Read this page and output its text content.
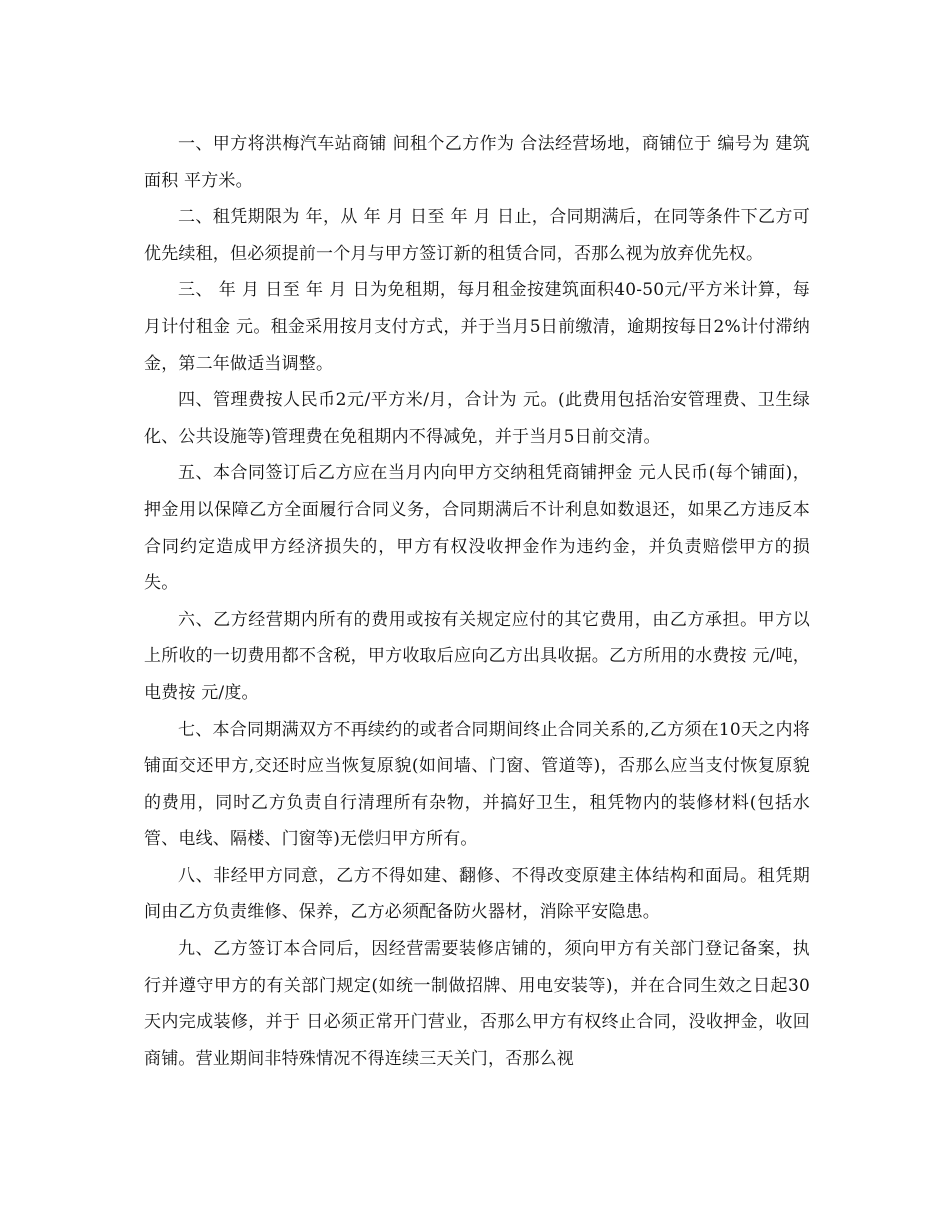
一、甲方将洪梅汽车站商铺 间租个乙方作为 合法经营场地，商铺位于 编号为 建筑面积 平方米。

二、租凭期限为 年，从 年 月 日至 年 月 日止，合同期满后，在同等条件下乙方可优先续租，但必须提前一个月与甲方签订新的租赁合同，否那么视为放弃优先权。

三、 年 月 日至 年 月 日为免租期，每月租金按建筑面积40-50元/平方米计算，每月计付租金 元。租金采用按月支付方式，并于当月5日前缴清，逾期按每日2%计付滞纳金，第二年做适当调整。

四、管理费按人民币2元/平方米/月，合计为 元。(此费用包括治安管理费、卫生绿化、公共设施等)管理费在免租期内不得减免，并于当月5日前交清。

五、本合同签订后乙方应在当月内向甲方交纳租凭商铺押金 元人民币(每个铺面)，押金用以保障乙方全面履行合同义务，合同期满后不计利息如数退还，如果乙方违反本合同约定造成甲方经济损失的，甲方有权没收押金作为违约金，并负责赔偿甲方的损失。

六、乙方经营期内所有的费用或按有关规定应付的其它费用，由乙方承担。甲方以上所收的一切费用都不含税，甲方收取后应向乙方出具收据。乙方所用的水费按 元/吨，电费按 元/度。

七、本合同期满双方不再续约的或者合同期间终止合同关系的,乙方须在10天之内将铺面交还甲方,交还时应当恢复原貌(如间墙、门窗、管道等)，否那么应当支付恢复原貌的费用，同时乙方负责自行清理所有杂物，并搞好卫生，租凭物内的装修材料(包括水管、电线、隔楼、门窗等)无偿归甲方所有。

八、非经甲方同意，乙方不得如建、翻修、不得改变原建主体结构和面局。租凭期间由乙方负责维修、保养，乙方必须配备防火器材，消除平安隐患。

九、乙方签订本合同后，因经营需要装修店铺的，须向甲方有关部门登记备案，执行并遵守甲方的有关部门规定(如统一制做招牌、用电安装等)，并在合同生效之日起30天内完成装修，并于 日必须正常开门营业，否那么甲方有权终止合同，没收押金，收回商铺。营业期间非特殊情况不得连续三天关门，否那么视
